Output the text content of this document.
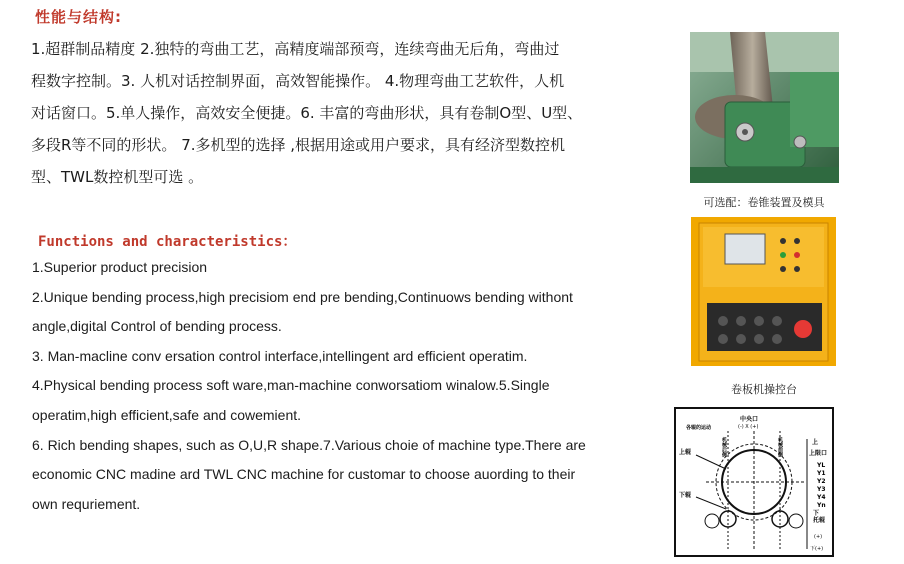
性能与结构:
1.超群制品精度 2.独特的弯曲工艺，高精度端部预弯，连续弯曲无后角，弯曲过
程数字控制。3. 人机对话控制界面，高效智能操作。 4.物理弯曲工艺软件，人机
对话窗口。5.单人操作，高效安全便捷。6. 丰富的弯曲形状，具有卷制O型、U型、
多段R等不同的形状。 7.多机型的选择 ,根据用途或用户要求，具有经济型数控机
型、TWL数控机型可选 。
Functions and characteristics：
1.Superior product precision
2.Unique bending process,high precisiom end pre bending,Continuows bending withont
angle,digital Control of bending process.
3. Man-macline conv ersation control interface,intellingent ard efficient operatim.
4.Physical bending process soft ware,man-machine conworsatiom winalow.5.Single
operatim,high efficient,safe and cowemient.
6. Rich bending shapes, such as O,U,R shape.7.Various choie of machine type.There are
economic CNC madine ard TWL CNC machine for customar to choose auording to their
own requriement.
可选配：卷锥装置及模具
卷板机操控台
中央口
(-) X (+)
各辊的运动
机械后侧	机械前侧	上
上限口
上辊
下辊
YL
Y1
Y2
Y3
Y4
Yn
下
托辊
(+)
下(+)
